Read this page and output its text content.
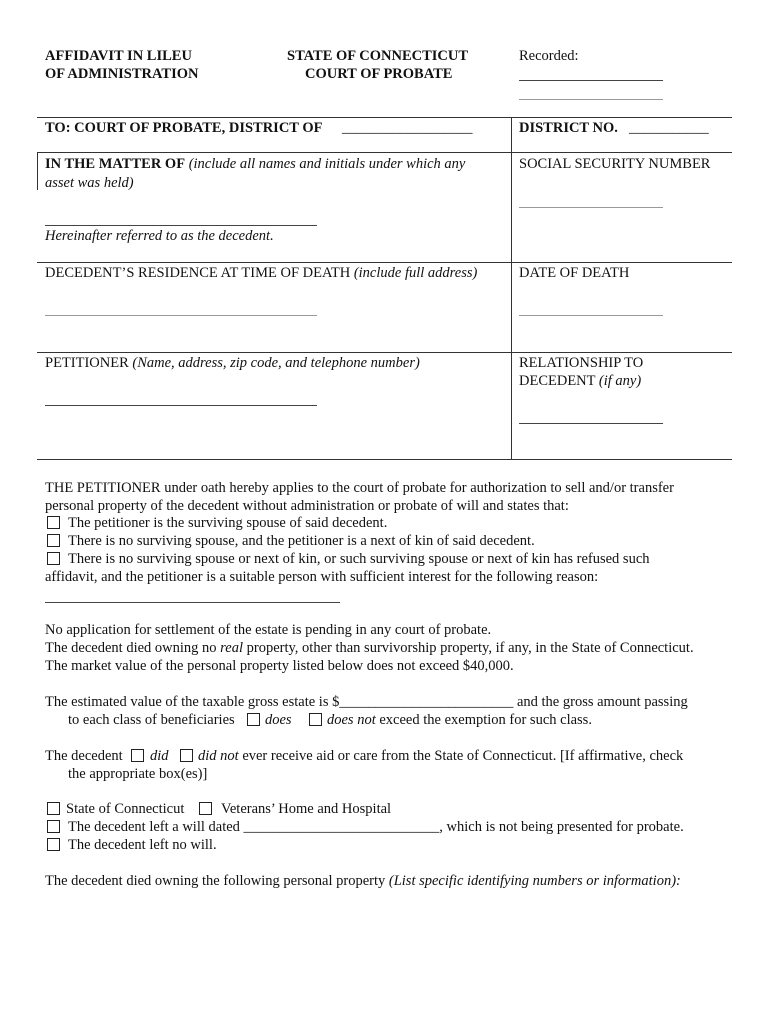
AFFIDAVIT IN LILEU
OF ADMINISTRATION
STATE OF CONNECTICUT
COURT OF PROBATE
Recorded:
TO: COURT OF PROBATE, DISTRICT OF __________________	DISTRICT NO. ___________
IN THE MATTER OF (include all names and initials under which any
asset was held)
Hereinafter referred to as the decedent.
SOCIAL SECURITY NUMBER
DECEDENT’S RESIDENCE AT TIME OF DEATH (include full address)	DATE OF DEATH
PETITIONER (Name, address, zip code, and telephone number)	RELATIONSHIP TO
DECEDENT (if any)
THE PETITIONER under oath hereby applies to the court of probate for authorization to sell and/or transfer
personal property of the decedent without administration or probate of will and states that:
The petitioner is the surviving spouse of said decedent.
There is no surviving spouse, and the petitioner is a next of kin of said decedent.
There is no surviving spouse or next of kin, or such surviving spouse or next of kin has refused such
affidavit, and the petitioner is a suitable person with sufficient interest for the following reason:
No application for settlement of the estate is pending in any court of probate.
The decedent died owning no real property, other than survivorship property, if any, in the State of Connecticut.
The market value of the personal property listed below does not exceed $40,000.
The estimated value of the taxable gross estate is $________________________ and the gross amount passing
to each class of beneficiaries does does not exceed the exemption for such class.
The decedent did did not ever receive aid or care from the State of Connecticut. [If affirmative, check
the appropriate box(es)]
State of Connecticut	Veterans’ Home and Hospital
The decedent left a will dated ___________________________, which is not being presented for probate.
The decedent left no will.
The decedent died owning the following personal property (List specific identifying numbers or information):
